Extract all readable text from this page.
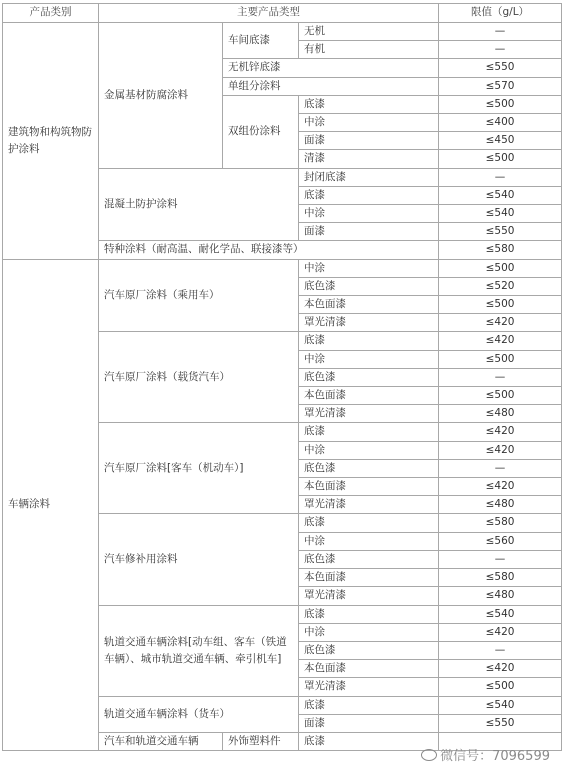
产品类别	主要产品类型			限值（g/L）
建筑物和构筑物防护涂料	金属基材防腐涂料	车间底漆	无机	—
			有机	—
		无机锌底漆		≤550
		单组分涂料		≤570
		双组份涂料	底漆	≤500
			中涂	≤400
			面漆	≤450
			清漆	≤500
	混凝土防护涂料		封闭底漆	—
			底漆	≤540
			中涂	≤540
			面漆	≤550
	特种涂料（耐高温、耐化学品、联接漆等）			≤580
车辆涂料	汽车原厂涂料（乘用车）		中涂	≤500
			底色漆	≤520
			本色面漆	≤500
			罩光清漆	≤420
	汽车原厂涂料（载货汽车）		底漆	≤420
			中涂	≤500
			底色漆	—
			本色面漆	≤500
			罩光清漆	≤480
	汽车原厂涂料[客车（机动车）]		底漆	≤420
			中涂	≤420
			底色漆	—
			本色面漆	≤420
			罩光清漆	≤480
	汽车修补用涂料		底漆	≤580
			中涂	≤560
			底色漆	—
			本色面漆	≤580
			罩光清漆	≤480
	轨道交通车辆涂料[动车组、客车（铁道车辆）、城市轨道交通车辆、牵引机车]		底漆	≤540
			中涂	≤420
			底色漆	—
			本色面漆	≤420
			罩光清漆	≤500
	轨道交通车辆涂料（货车）		底漆	≤540
			面漆	≤550
	汽车和轨道交通车辆	外饰塑料件	底漆	
微信号：7096599
